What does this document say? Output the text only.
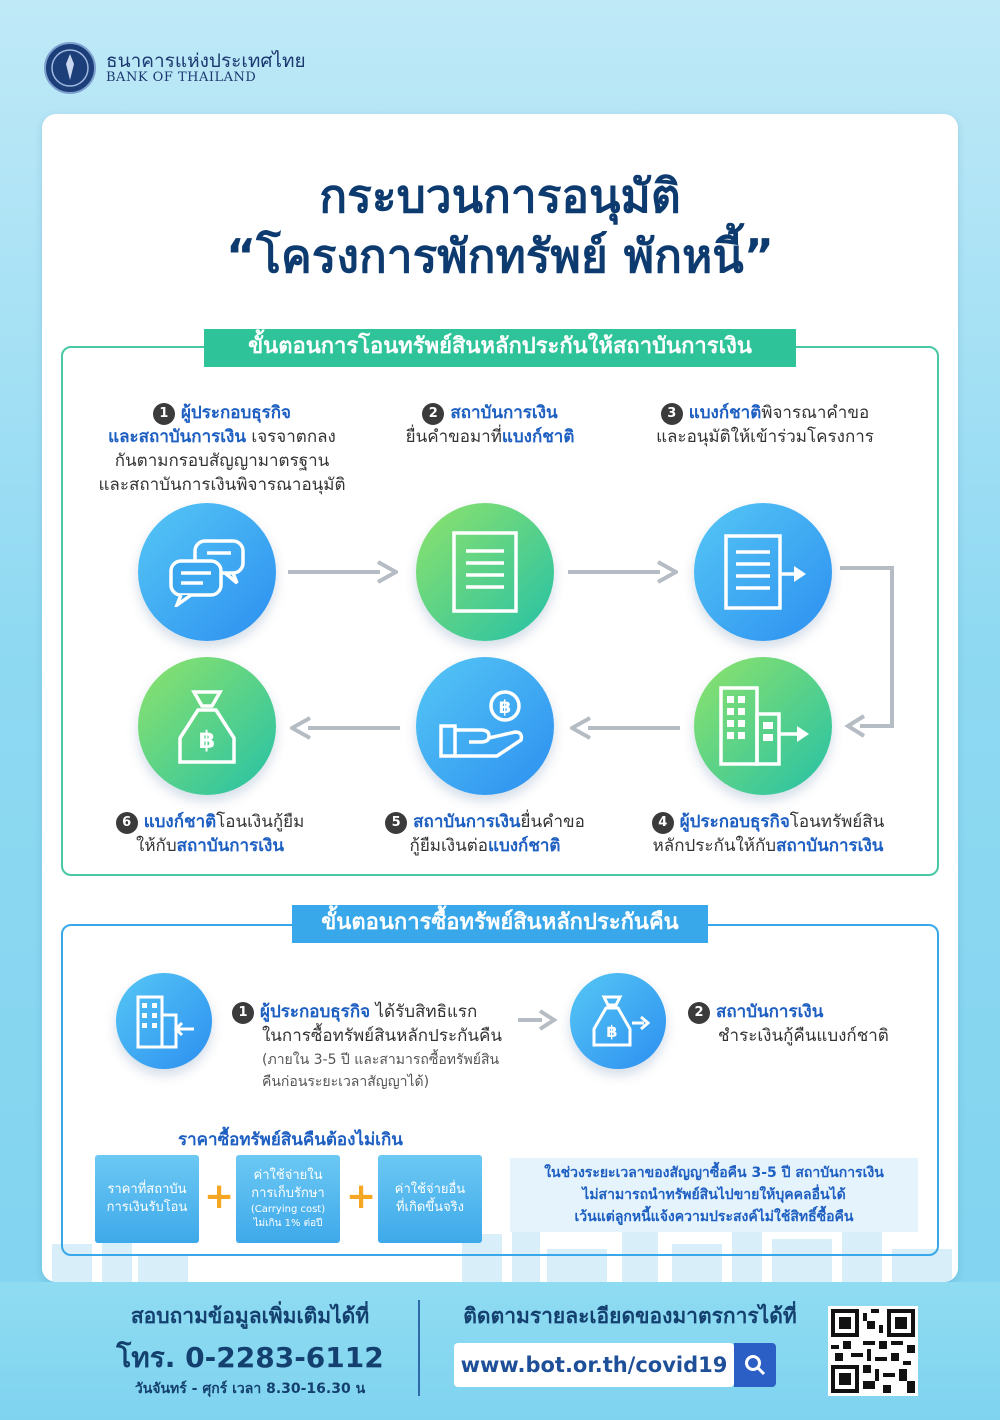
ธนาคารแห่งประเทศไทย
BANK OF THAILAND
กระบวนการอนุมัติ
“โครงการพักทรัพย์ พักหนี้”
ขั้นตอนการโอนทรัพย์สินหลักประกันให้สถาบันการเงิน
1 ผู้ประกอบธุรกิจ
และสถาบันการเงิน เจรจาตกลง
กันตามกรอบสัญญามาตรฐาน
และสถาบันการเงินพิจารณาอนุมัติ
2 สถาบันการเงิน
ยื่นคำขอมาที่แบงก์ชาติ
3 แบงก์ชาติพิจารณาคำขอ
และอนุมัติให้เข้าร่วมโครงการ
฿
฿
6 แบงก์ชาติโอนเงินกู้ยืม
ให้กับสถาบันการเงิน
5 สถาบันการเงินยื่นคำขอ
กู้ยืมเงินต่อแบงก์ชาติ
4 ผู้ประกอบธุรกิจโอนทรัพย์สิน
หลักประกันให้กับสถาบันการเงิน
ขั้นตอนการซื้อทรัพย์สินหลักประกันคืน
1 ผู้ประกอบธุรกิจ ได้รับสิทธิแรก
ในการซื้อทรัพย์สินหลักประกันคืน
(ภายใน 3-5 ปี และสามารถซื้อทรัพย์สิน
คืนก่อนระยะเวลาสัญญาได้)
฿
2 สถาบันการเงิน
ชำระเงินกู้คืนแบงก์ชาติ
ราคาซื้อทรัพย์สินคืนต้องไม่เกิน
ราคาที่สถาบัน
การเงินรับโอน +
ค่าใช้จ่ายใน
การเก็บรักษา
(Carrying cost)
ไม่เกิน 1% ต่อปี
+ ค่าใช้จ่ายอื่น
ที่เกิดขึ้นจริง
ในช่วงระยะเวลาของสัญญาซื้อคืน 3-5 ปี สถาบันการเงิน
ไม่สามารถนำทรัพย์สินไปขายให้บุคคลอื่นได้
เว้นแต่ลูกหนี้แจ้งความประสงค์ไม่ใช้สิทธิ์ซื้อคืน
สอบถามข้อมูลเพิ่มเติมได้ที่
โทร. 0-2283-6112
วันจันทร์ - ศุกร์ เวลา 8.30-16.30 น
ติดตามรายละเอียดของมาตรการได้ที่
www.bot.or.th/covid19
